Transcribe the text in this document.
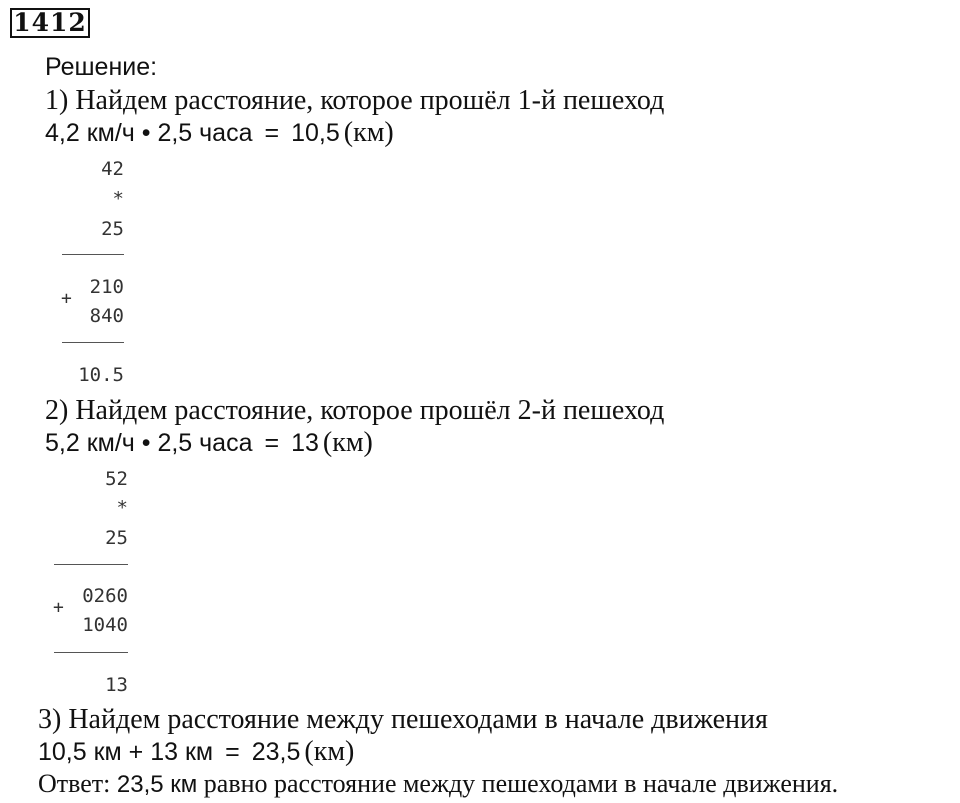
1412
Решение:
1) Найдем расстояние, которое прошёл 1-й пешеход
4,2 км/ч • 2,5 часа = 10,5 (км)
42
*
25
210
+
840
10.5
2) Найдем расстояние, которое прошёл 2-й пешеход
5,2 км/ч • 2,5 часа = 13 (км)
52
*
25
0260
+
1040
13
3) Найдем расстояние между пешеходами в начале движения
10,5 км + 13 км = 23,5 (км)
Ответ: 23,5 км равно расстояние между пешеходами в начале движения.
